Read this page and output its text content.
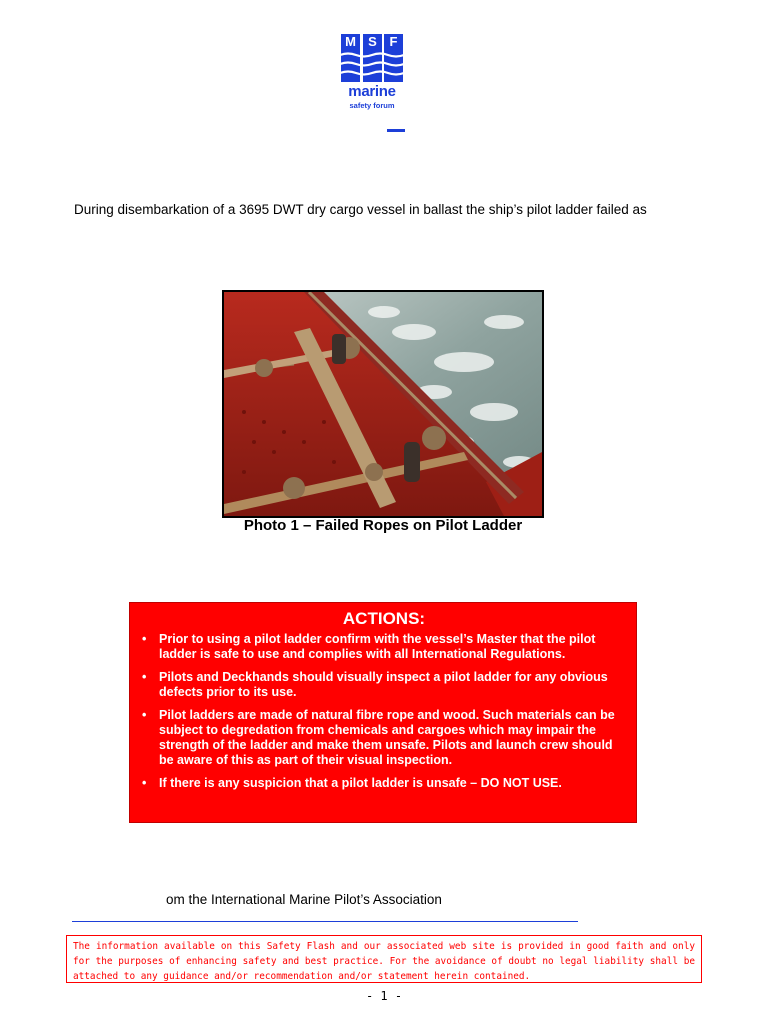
M S F
marine
safety forum
During disembarkation of a 3695 DWT dry cargo vessel in ballast the ship’s pilot ladder failed as
Photo 1 – Failed Ropes on Pilot Ladder
ACTIONS:
• Prior to using a pilot ladder confirm with the vessel’s Master that the pilot ladder is safe to use and complies with all International Regulations.
• Pilots and Deckhands should visually inspect a pilot ladder for any obvious defects prior to its use.
• Pilot ladders are made of natural fibre rope and wood. Such materials can be subject to degredation from chemicals and cargoes which may impair the strength of the ladder and make them unsafe. Pilots and launch crew should be aware of this as part of their visual inspection.
• If there is any suspicion that a pilot ladder is unsafe – DO NOT USE.
om the International Marine Pilot’s Association
The information available on this Safety Flash and our associated web site is provided in good faith and only for the purposes of enhancing safety and best practice. For the avoidance of doubt no legal liability shall be attached to any guidance and/or recommendation and/or statement herein contained.
- 1 -
